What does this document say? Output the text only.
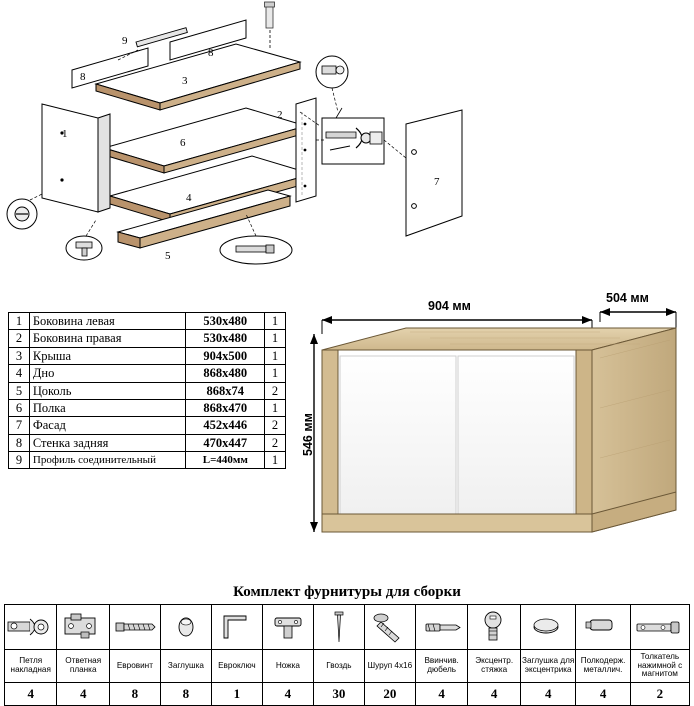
1
2
3
4
5
6
7
8
8
9
1	Боковина левая	530х480	1
2	Боковина правая	530х480	1
3	Крыша	904х500	1
4	Дно	868х480	1
5	Цоколь	868х74	2
6	Полка	868х470	1
7	Фасад	452х446	2
8	Стенка задняя	470х447	2
9	Профиль соединительный	L=440мм	1
904 мм
504 мм
546 мм
Комплект фурнитуры для сборки

Петля накладная	Ответная планка	Евровинт	Заглушка	Евроключ	Ножка	Гвоздь	Шуруп 4х16	Ввинчив. дюбель	Эксцентр. стяжка	Заглушка для эксцентрика	Полкодерж. металлич.	Толкатель нажимной с магнитом
4	4	8	8	1	4	30	20	4	4	4	4	2
